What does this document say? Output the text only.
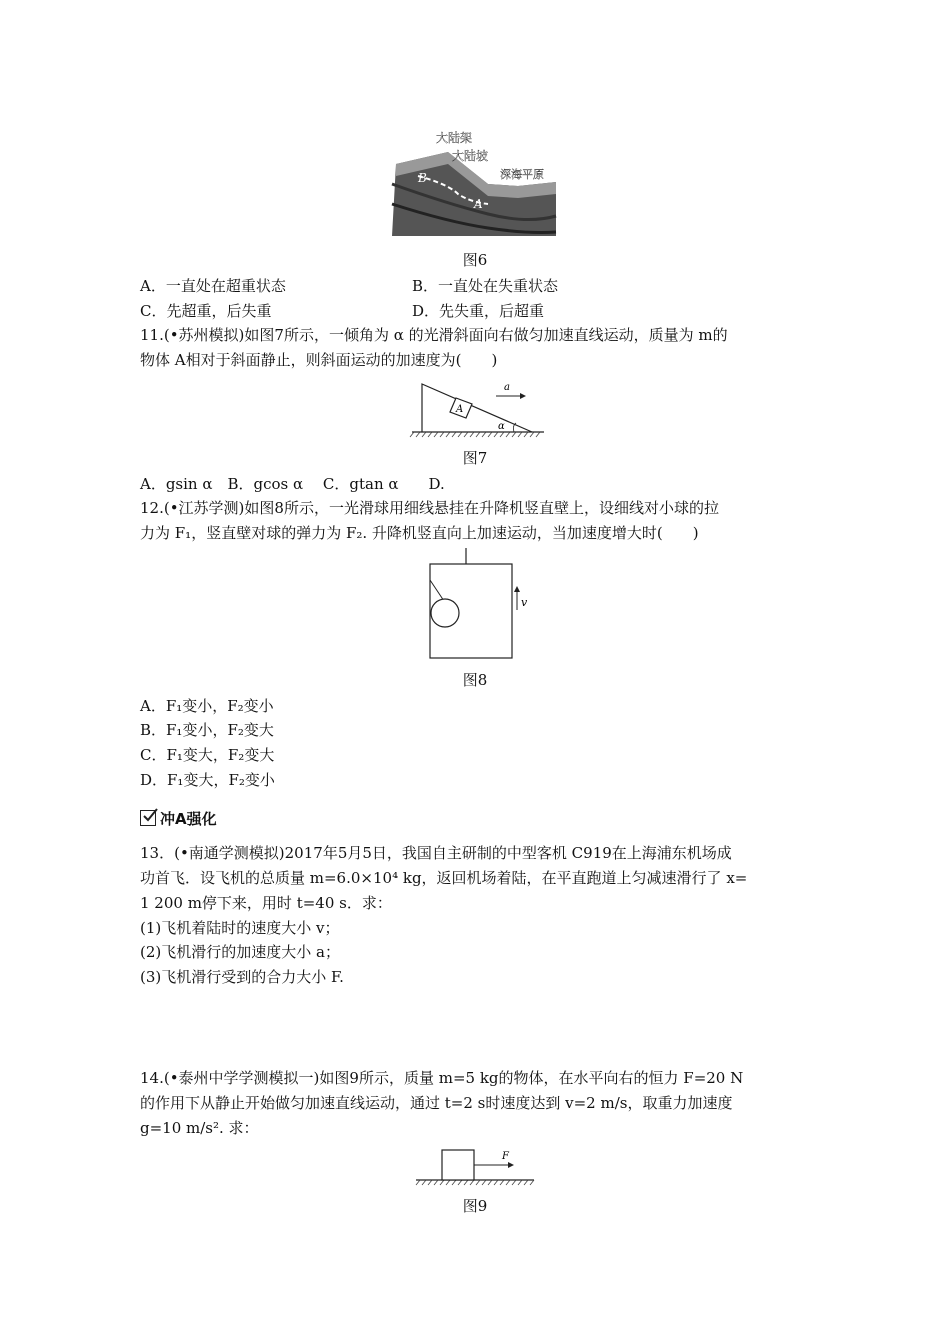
大陆架
大陆坡
深海平原
B
A
图6
A．一直处在超重状态	B．一直处在失重状态
C．先超重，后失重	D．先失重，后超重
11.(•苏州模拟)如图7所示，一倾角为 α 的光滑斜面向右做匀加速直线运动，质量为 m的
物体 A相对于斜面静止，则斜面运动的加速度为(　　)
A
a
α
图7
A．gsin α　B．gcos α　 C．gtan α　　D.
12.(•江苏学测)如图8所示，一光滑球用细线悬挂在升降机竖直壁上，设细线对小球的拉
力为 F₁，竖直壁对球的弹力为 F₂. 升降机竖直向上加速运动，当加速度增大时(　　)
v
图8
A．F₁变小，F₂变小
B．F₁变小，F₂变大
C．F₁变大，F₂变大
D．F₁变大，F₂变小
冲A强化
13．(•南通学测模拟)2017年5月5日，我国自主研制的中型客机 C919在上海浦东机场成
功首飞．设飞机的总质量 m=6.0×10⁴ kg，返回机场着陆，在平直跑道上匀减速滑行了 x=
1 200 m停下来，用时 t=40 s．求：
(1)飞机着陆时的速度大小 v；
(2)飞机滑行的加速度大小 a；
(3)飞机滑行受到的合力大小 F.
14.(•泰州中学学测模拟一)如图9所示，质量 m=5 kg的物体，在水平向右的恒力 F=20 N
的作用下从静止开始做匀加速直线运动，通过 t=2 s时速度达到 v=2 m/s，取重力加速度
g=10 m/s². 求：
F
图9
